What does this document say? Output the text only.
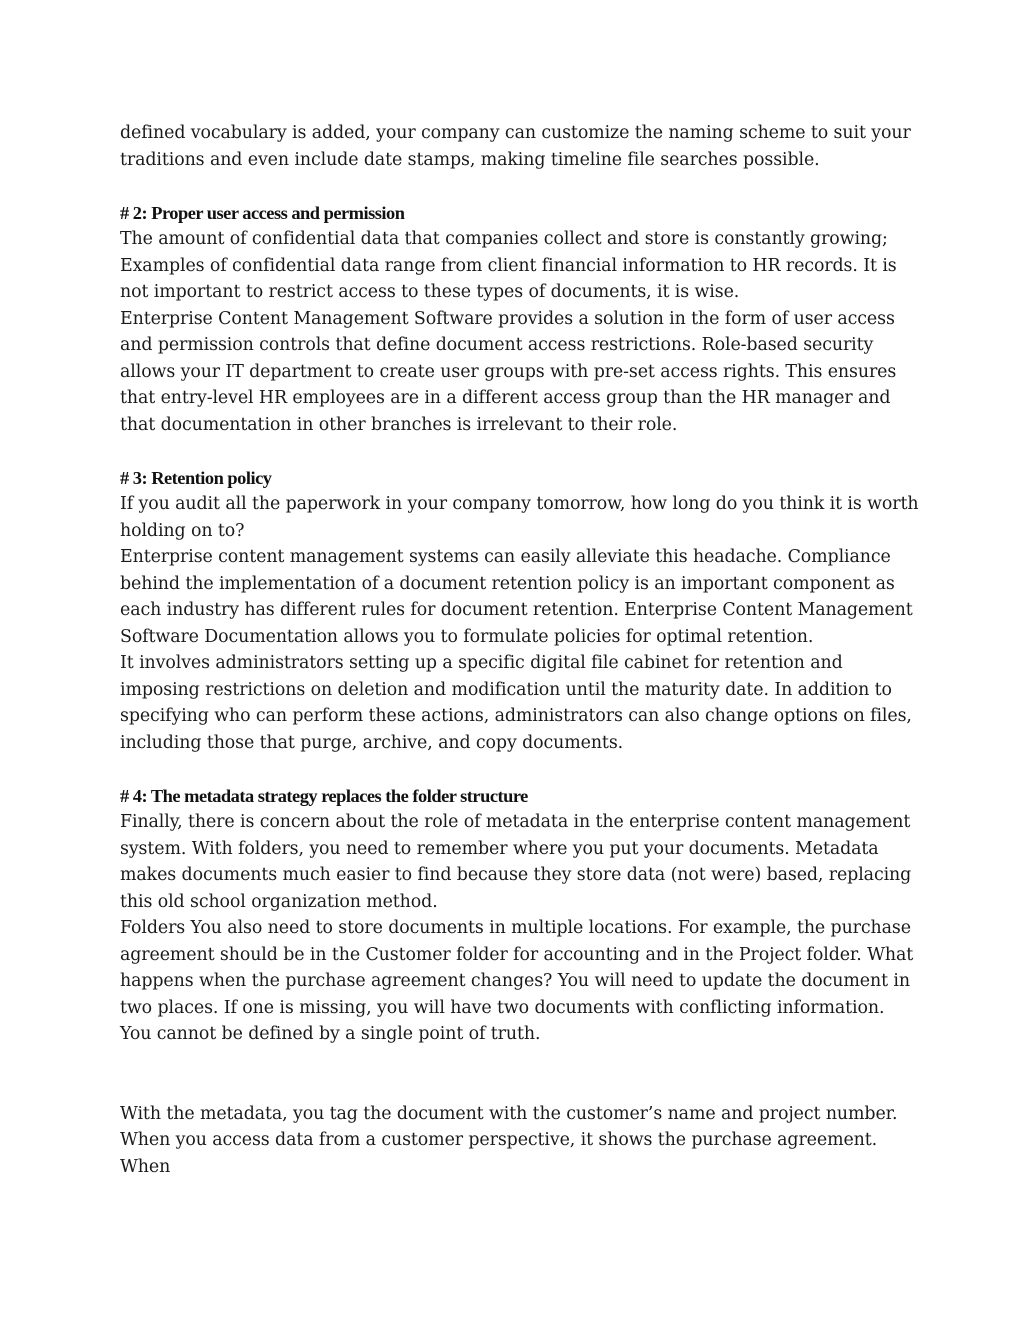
defined vocabulary is added, your company can customize the naming scheme to suit your traditions and even include date stamps, making timeline file searches possible.

# 2: Proper user access and permission

The amount of confidential data that companies collect and store is constantly growing; Examples of confidential data range from client financial information to HR records. It is not important to restrict access to these types of documents, it is wise.

Enterprise Content Management Software provides a solution in the form of user access and permission controls that define document access restrictions. Role-based security allows your IT department to create user groups with pre-set access rights. This ensures that entry-level HR employees are in a different access group than the HR manager and that documentation in other branches is irrelevant to their role.

# 3: Retention policy

If you audit all the paperwork in your company tomorrow, how long do you think it is worth holding on to?

Enterprise content management systems can easily alleviate this headache. Compliance behind the implementation of a document retention policy is an important component as each industry has different rules for document retention. Enterprise Content Management Software Documentation allows you to formulate policies for optimal retention.

It involves administrators setting up a specific digital file cabinet for retention and imposing restrictions on deletion and modification until the maturity date. In addition to specifying who can perform these actions, administrators can also change options on files, including those that purge, archive, and copy documents.

# 4: The metadata strategy replaces the folder structure

Finally, there is concern about the role of metadata in the enterprise content management system. With folders, you need to remember where you put your documents. Metadata makes documents much easier to find because they store data (not were) based, replacing this old school organization method.

Folders You also need to store documents in multiple locations. For example, the purchase agreement should be in the Customer folder for accounting and in the Project folder. What happens when the purchase agreement changes? You will need to update the document in two places. If one is missing, you will have two documents with conflicting information. You cannot be defined by a single point of truth.

With the metadata, you tag the document with the customer’s name and project number. When you access data from a customer perspective, it shows the purchase agreement. When
